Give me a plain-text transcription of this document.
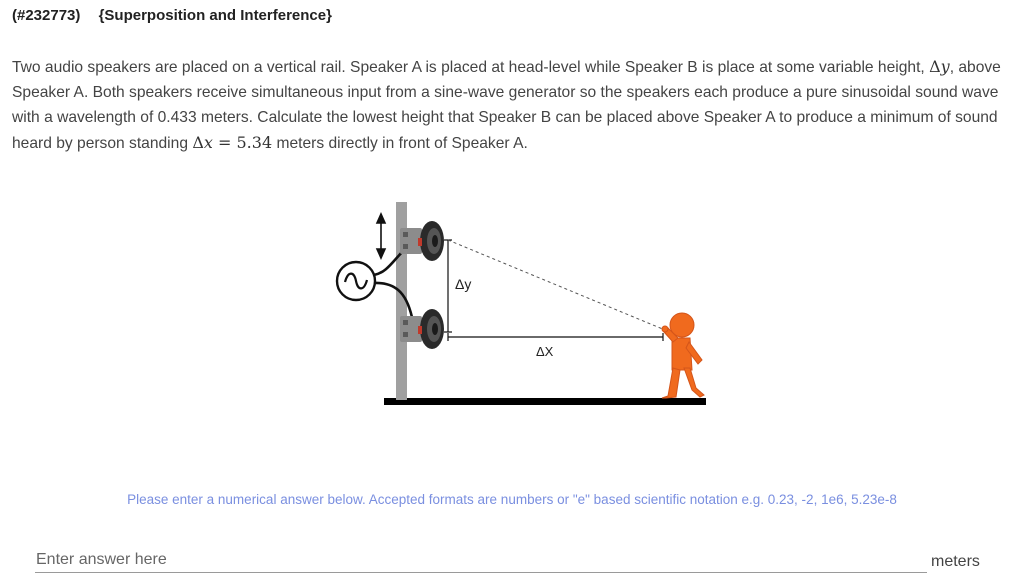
(#232773) {Superposition and Interference}
Two audio speakers are placed on a vertical rail. Speaker A is placed at head-level while Speaker B is place at some variable height, Δy, above Speaker A. Both speakers receive simultaneous input from a sine-wave generator so the speakers each produce a pure sinusoidal sound wave with a wavelength of 0.433 meters. Calculate the lowest height that Speaker B can be placed above Speaker A to produce a minimum of sound heard by person standing Δx = 5.34 meters directly in front of Speaker A.
Δy
ΔX
Please enter a numerical answer below. Accepted formats are numbers or "e" based scientific notation e.g. 0.23, -2, 1e6, 5.23e-8
Enter answer here
meters
